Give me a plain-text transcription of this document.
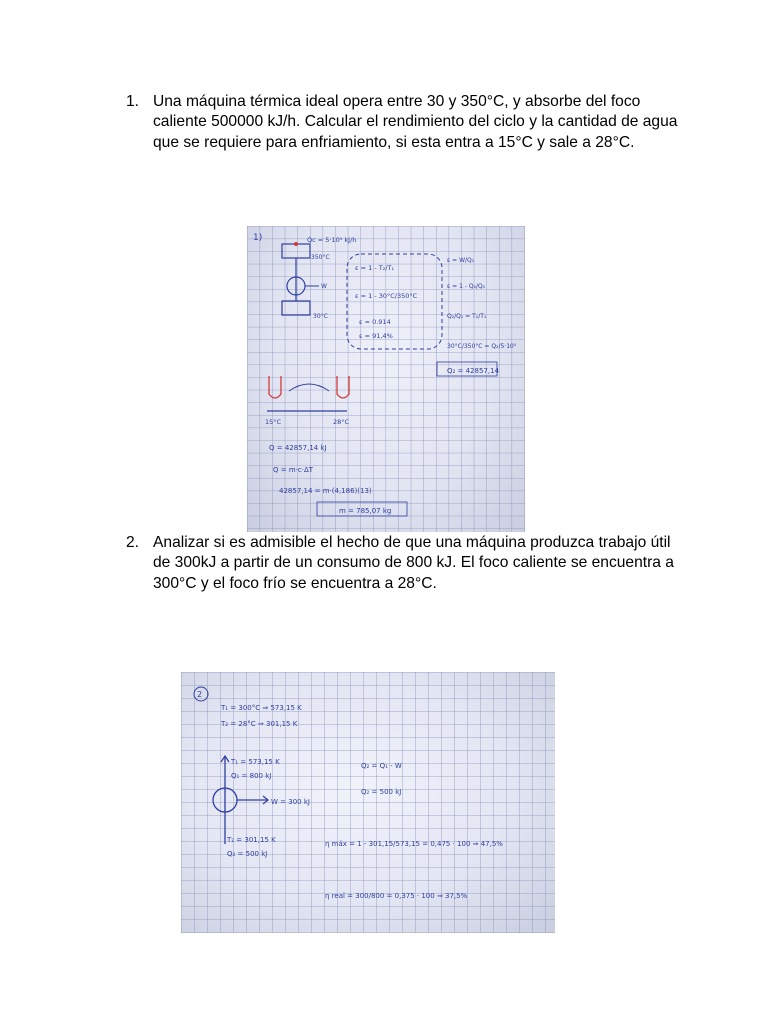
1. Una máquina térmica ideal opera entre 30 y 350°C, y absorbe del foco caliente 500000 kJ/h. Calcular el rendimiento del ciclo y la cantidad de agua que se requiere para enfriamiento, si esta entra a 15°C y sale a 28°C.
1)	Q̇c = 5·10⁵ kJ/h
350°C
30°C
W
ε = 1 - T₂/T₁
ε = 1 - 30°C/350°C
ε = 0.914
ε = 91,4%
ε = W/Q₁
ε = 1 - Q₂/Q₁
Q₂/Q₁ = T₂/T₁
30°C/350°C = Q₂/5·10⁵
Q₂ = 42857,14
15°C	28°C
Q = 42857,14 kJ
Q = m·c·ΔT
42857,14 = m·(4,186)(13)
m = 785,07 kg
2. Analizar si es admisible el hecho de que una máquina produzca trabajo útil de 300kJ a partir de un consumo de 800 kJ. El foco caliente se encuentra a 300°C y el foco frío se encuentra a 28°C.
2
T₁ = 300°C ⇒ 573,15 K
T₂ = 28°C ⇒ 301,15 K
T₁ = 573,15 K
Q₁ = 800 kJ
W = 300 kJ
T₂ = 301,15 K
Q₂ = 500 kJ
Q₂ = Q₁ - W
Q₂ = 500 kJ
η máx = 1 - 301,15/573,15 = 0,475 · 100 ⇒ 47,5%
η real = 300/800 = 0,375 · 100 ⇒ 37,5%
